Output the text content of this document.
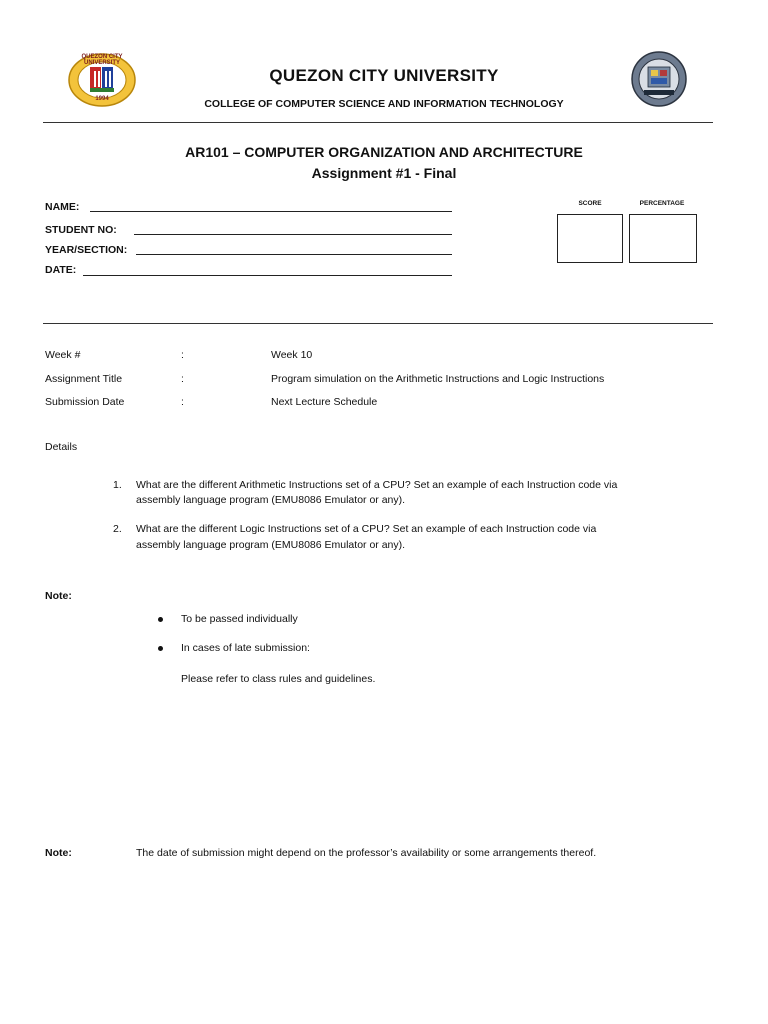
QUEZON CITY UNIVERSITY
1994
QUEZON CITY UNIVERSITY
COLLEGE OF COMPUTER SCIENCE AND INFORMATION TECHNOLOGY
AR101 – COMPUTER ORGANIZATION AND ARCHITECTURE
Assignment #1 - Final
NAME:
STUDENT NO:
YEAR/SECTION:
DATE:
SCORE	PERCENTAGE
Week #	:	Week 10
Assignment Title	:	Program simulation on the Arithmetic Instructions and Logic Instructions
Submission Date	:	Next Lecture Schedule
Details
1. What are the different Arithmetic Instructions set of a CPU? Set an example of each Instruction code via
assembly language program (EMU8086 Emulator or any).
2. What are the different Logic Instructions set of a CPU? Set an example of each Instruction code via
assembly language program (EMU8086 Emulator or any).
Note:
To be passed individually
In cases of late submission:
Please refer to class rules and guidelines.
Note:	The date of submission might depend on the professor’s availability or some arrangements thereof.
